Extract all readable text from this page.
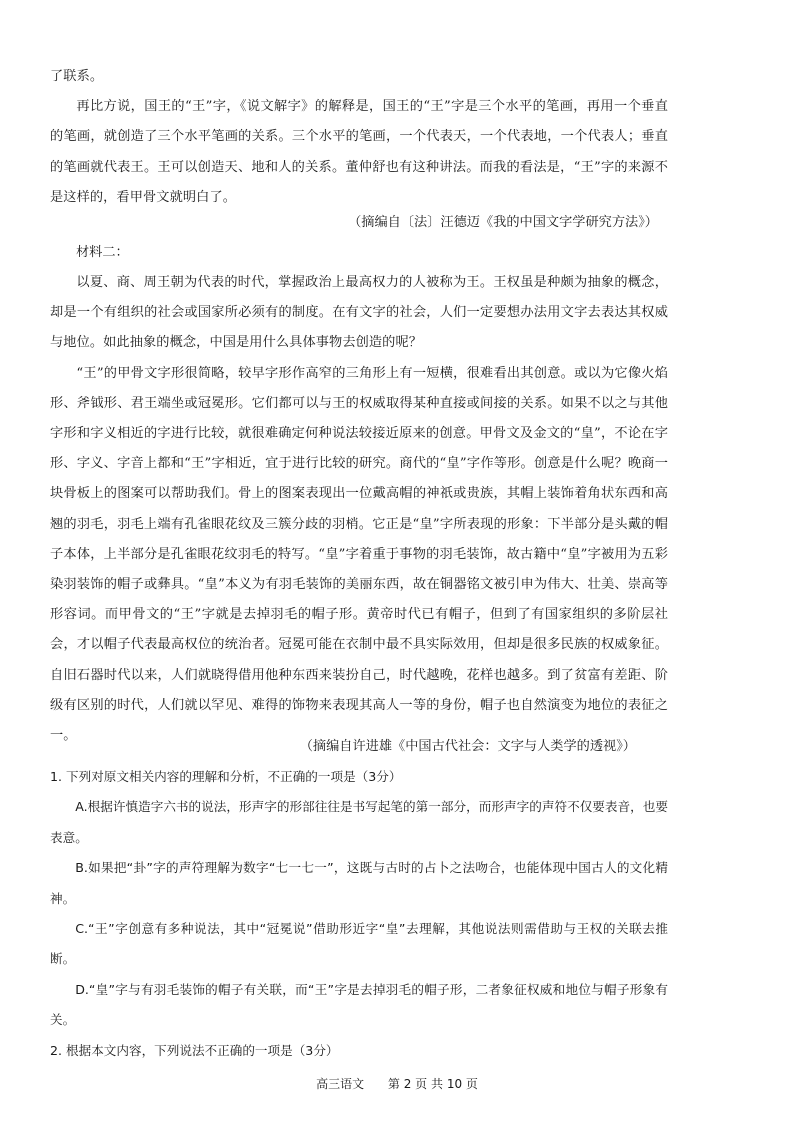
了联系。

再比方说，国王的“王”字，《说文解字》的解释是，国王的“王”字是三个水平的笔画，再用一个垂直的笔画，就创造了三个水平笔画的关系。三个水平的笔画，一个代表天，一个代表地，一个代表人；垂直的笔画就代表王。王可以创造天、地和人的关系。董仲舒也有这种讲法。而我的看法是，“王”字的来源不是这样的，看甲骨文就明白了。

（摘编自〔法〕汪德迈《我的中国文字学研究方法》）

材料二：

以夏、商、周王朝为代表的时代，掌握政治上最高权力的人被称为王。王权虽是种颇为抽象的概念，却是一个有组织的社会或国家所必须有的制度。在有文字的社会，人们一定要想办法用文字去表达其权威与地位。如此抽象的概念，中国是用什么具体事物去创造的呢？

“王”的甲骨文字形很简略，较早字形作高窄的三角形上有一短横，很难看出其创意。或以为它像火焰形、斧钺形、君王端坐或冠冕形。它们都可以与王的权威取得某种直接或间接的关系。如果不以之与其他字形和字义相近的字进行比较，就很难确定何种说法较接近原来的创意。甲骨文及金文的“皇”，不论在字形、字义、字音上都和“王”字相近，宜于进行比较的研究。商代的“皇”字作等形。创意是什么呢？晚商一块骨板上的图案可以帮助我们。骨上的图案表现出一位戴高帽的神祇或贵族，其帽上装饰着角状东西和高翘的羽毛，羽毛上端有孔雀眼花纹及三簇分歧的羽梢。它正是“皇”字所表现的形象：下半部分是头戴的帽子本体，上半部分是孔雀眼花纹羽毛的特写。“皇”字着重于事物的羽毛装饰，故古籍中“皇”字被用为五彩染羽装饰的帽子或彝具。“皇”本义为有羽毛装饰的美丽东西，故在铜器铭文被引申为伟大、壮美、崇高等形容词。而甲骨文的“王”字就是去掉羽毛的帽子形。黄帝时代已有帽子，但到了有国家组织的多阶层社会，才以帽子代表最高权位的统治者。冠冕可能在衣制中最不具实际效用，但却是很多民族的权威象征。自旧石器时代以来，人们就晓得借用他种东西来装扮自己，时代越晚，花样也越多。到了贫富有差距、阶级有区别的时代，人们就以罕见、难得的饰物来表现其高人一等的身份，帽子也自然演变为地位的表征之一。

（摘编自许进雄《中国古代社会：文字与人类学的透视》）

1. 下列对原文相关内容的理解和分析，不正确的一项是（3分）

A.根据许慎造字六书的说法，形声字的形部往往是书写起笔的第一部分，而形声字的声符不仅要表音，也要表意。

B.如果把“卦”字的声符理解为数字“七一七一”，这既与古时的占卜之法吻合，也能体现中国古人的文化精神。

C.“王”字创意有多种说法，其中“冠冕说”借助形近字“皇”去理解，其他说法则需借助与王权的关联去推断。

D.“皇”字与有羽毛装饰的帽子有关联，而“王”字是去掉羽毛的帽子形，二者象征权威和地位与帽子形象有关。

2. 根据本文内容，下列说法不正确的一项是（3分）

高三语文 第 2 页 共 10 页
